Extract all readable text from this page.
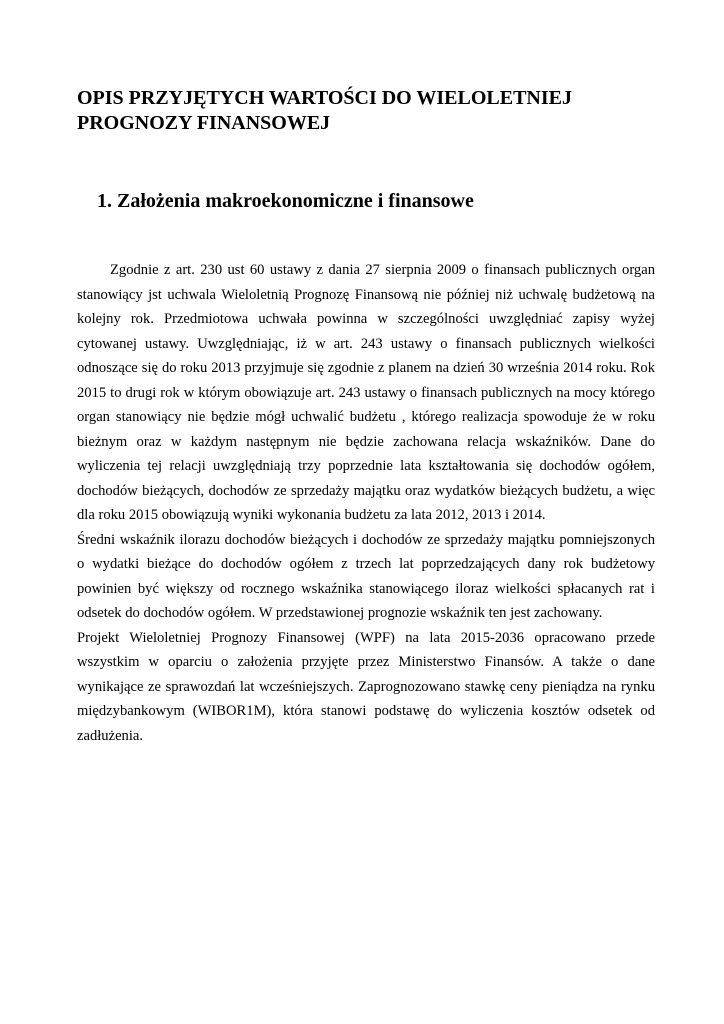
OPIS PRZYJĘTYCH WARTOŚCI DO WIELOLETNIEJ
PROGNOZY FINANSOWEJ
1. Założenia makroekonomiczne i finansowe

Zgodnie z art. 230 ust 60 ustawy z dania 27 sierpnia 2009 o finansach publicznych organ stanowiący jst uchwala Wieloletnią Prognozę Finansową nie później niż uchwalę budżetową na kolejny rok. Przedmiotowa uchwała powinna w szczególności uwzględniać zapisy wyżej cytowanej ustawy. Uwzględniając, iż w art. 243 ustawy o finansach publicznych wielkości odnoszące się do roku 2013 przyjmuje się zgodnie z planem na dzień 30 września 2014 roku. Rok 2015 to drugi rok w którym obowiązuje art. 243 ustawy o finansach publicznych na mocy którego organ stanowiący nie będzie mógł uchwalić budżetu , którego realizacja spowoduje że w roku bieżnym oraz w każdym następnym nie będzie zachowana relacja wskaźników. Dane do wyliczenia tej relacji uwzględniają trzy poprzednie lata kształtowania się dochodów ogółem, dochodów bieżących, dochodów ze sprzedaży majątku oraz wydatków bieżących budżetu, a więc dla roku 2015 obowiązują wyniki wykonania budżetu za lata 2012, 2013 i 2014.

Średni wskaźnik ilorazu dochodów bieżących i dochodów ze sprzedaży majątku pomniejszonych o wydatki bieżące do dochodów ogółem z trzech lat poprzedzających dany rok budżetowy powinien być większy od rocznego wskaźnika stanowiącego iloraz wielkości spłacanych rat i odsetek do dochodów ogółem. W przedstawionej prognozie wskaźnik ten jest zachowany.

Projekt Wieloletniej Prognozy Finansowej (WPF) na lata 2015-2036 opracowano przede wszystkim w oparciu o założenia przyjęte przez Ministerstwo Finansów. A także o dane wynikające ze sprawozdań lat wcześniejszych. Zaprognozowano stawkę ceny pieniądza na rynku międzybankowym (WIBOR1M), która stanowi podstawę do wyliczenia kosztów odsetek od zadłużenia.
